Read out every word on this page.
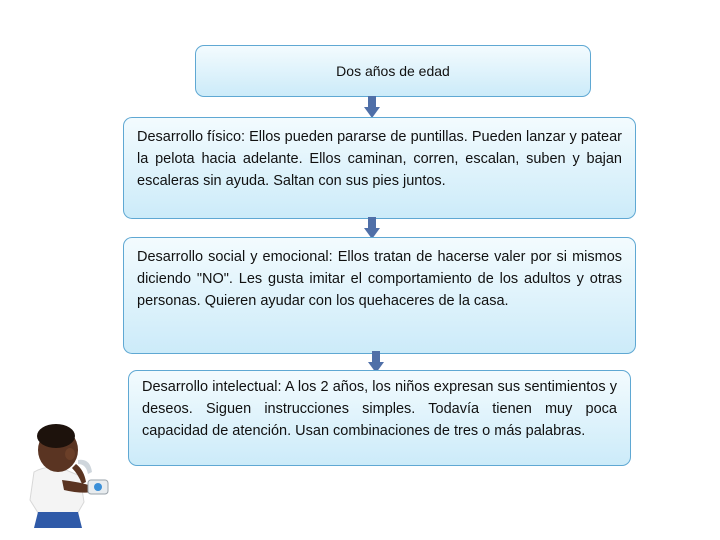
Dos años de edad
Desarrollo físico: Ellos pueden pararse de puntillas. Pueden lanzar y patear la pelota hacia adelante. Ellos caminan, corren, escalan, suben y bajan escaleras sin ayuda. Saltan con sus pies juntos.
Desarrollo social y emocional: Ellos tratan de hacerse valer por si mismos diciendo "NO". Les gusta imitar el comportamiento de los adultos y otras personas. Quieren ayudar con los quehaceres de la casa.
Desarrollo intelectual: A los 2 años, los niños expresan sus sentimientos y deseos. Siguen instrucciones simples. Todavía tienen muy poca capacidad de atención. Usan combinaciones de tres o más palabras.
